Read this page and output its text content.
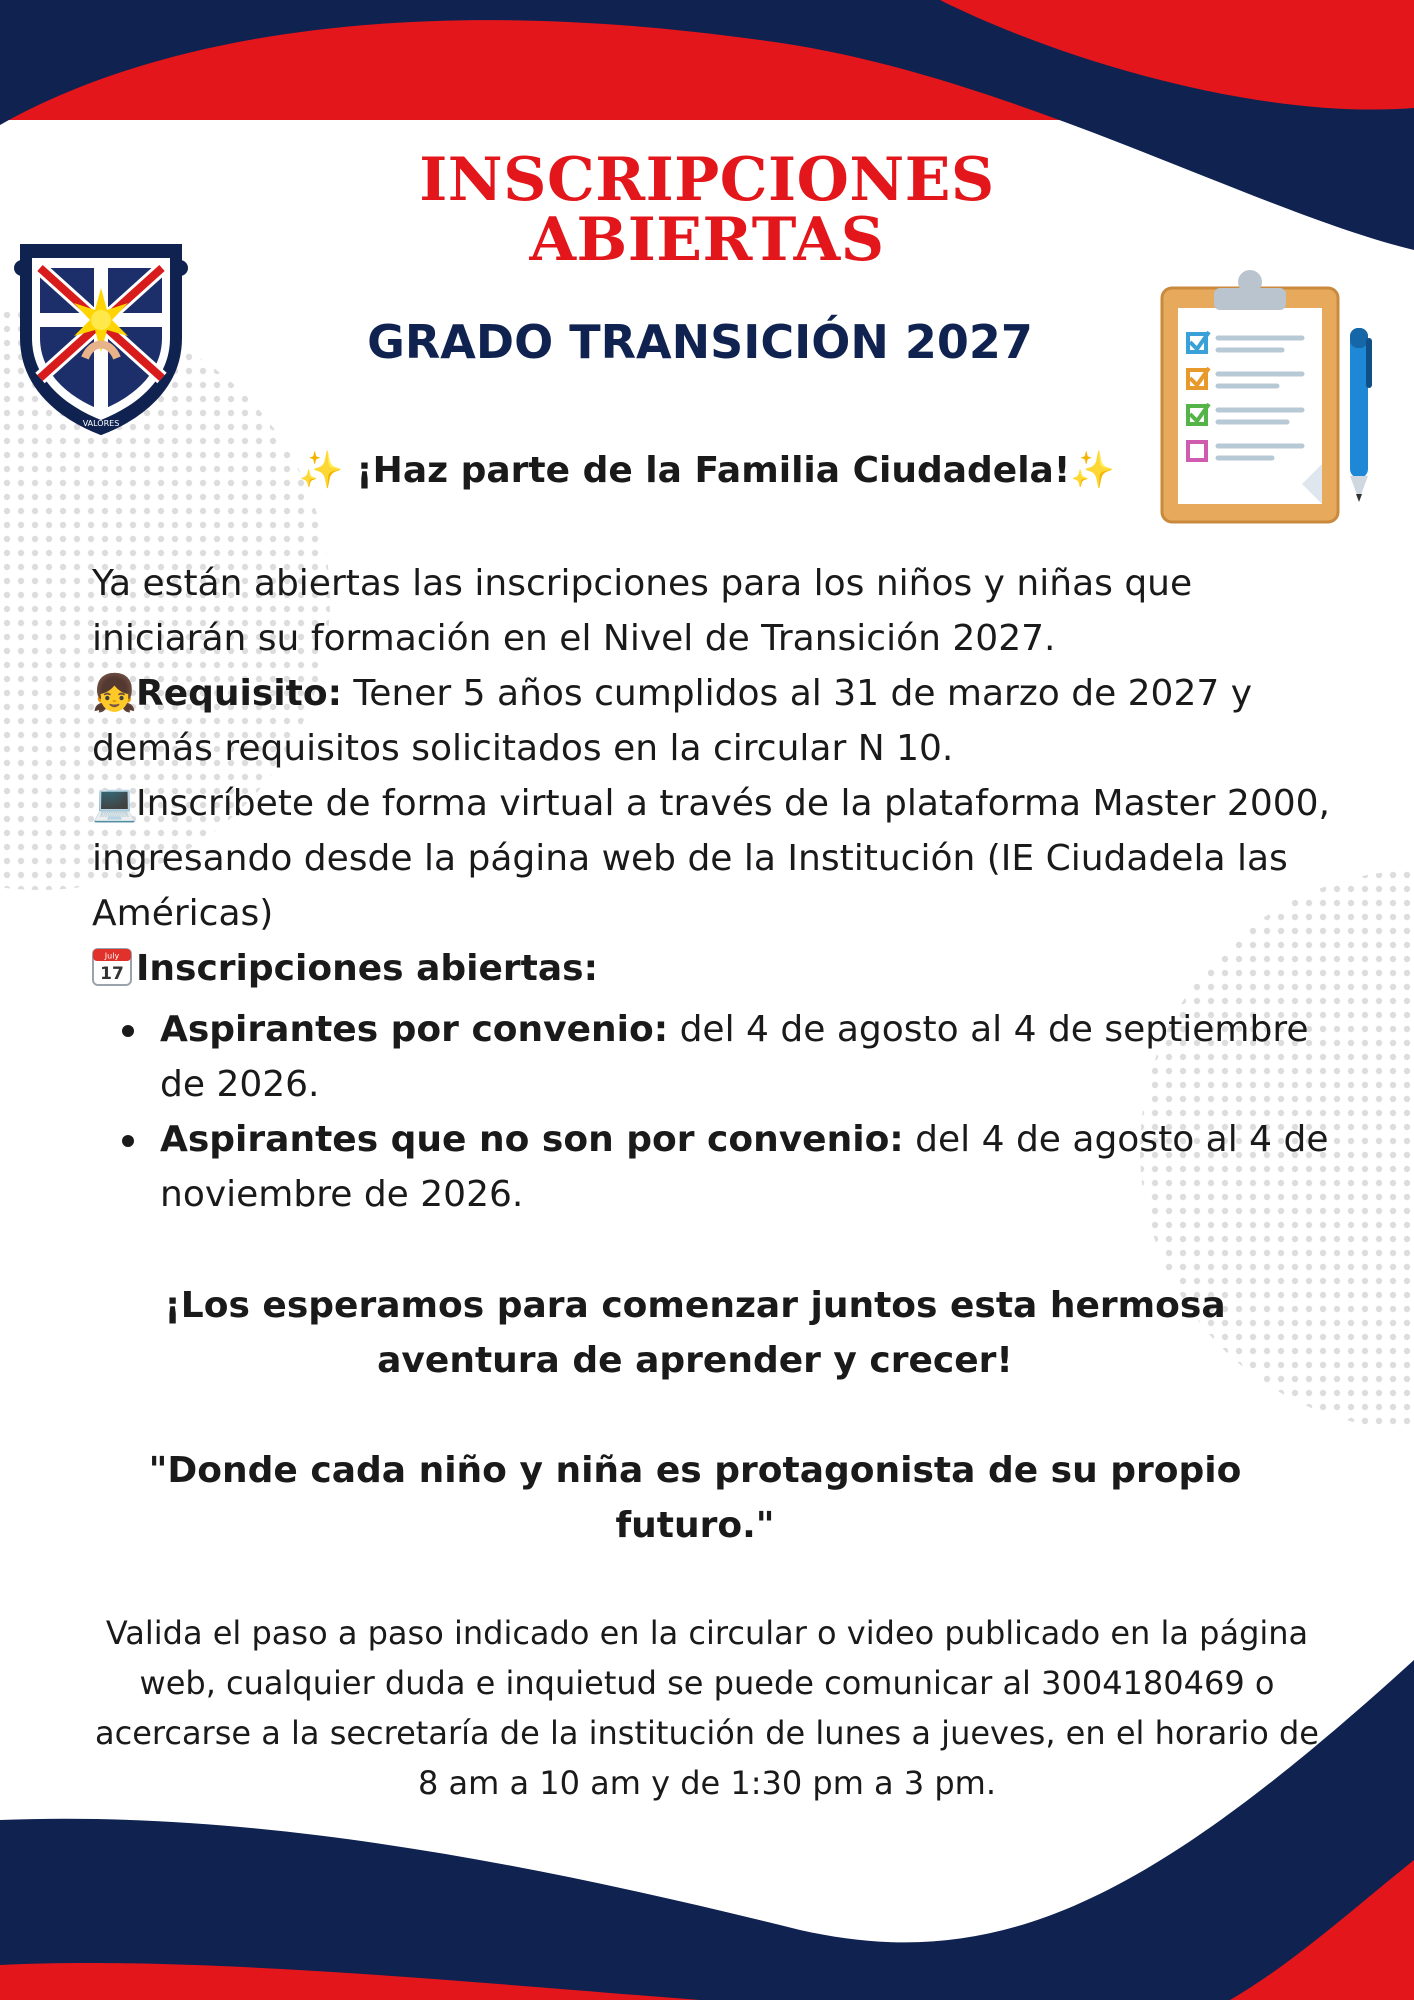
VALORES
INSCRIPCIONES
ABIERTAS
GRADO TRANSICIÓN 2027
✨ ¡Haz parte de la Familia Ciudadela!✨

Ya están abiertas las inscripciones para los niños y niñas que iniciarán su formación en el Nivel de Transición 2027.

👧Requisito: Tener 5 años cumplidos al 31 de marzo de 2027 y demás requisitos solicitados en la circular N 10.

💻Inscríbete de forma virtual a través de la plataforma Master 2000, ingresando desde la página web de la Institución (IE Ciudadela las Américas)

July
17 Inscripciones abiertas:

Aspirantes por convenio: del 4 de agosto al 4 de septiembre de 2026.
Aspirantes que no son por convenio: del 4 de agosto al 4 de noviembre de 2026.
¡Los esperamos para comenzar juntos esta hermosa aventura de aprender y crecer!
"Donde cada niño y niña es protagonista de su propio futuro."
Valida el paso a paso indicado en la circular o video publicado en la página web, cualquier duda e inquietud se puede comunicar al 3004180469 o acercarse a la secretaría de la institución de lunes a jueves, en el horario de 8 am a 10 am y de 1:30 pm a 3 pm.
